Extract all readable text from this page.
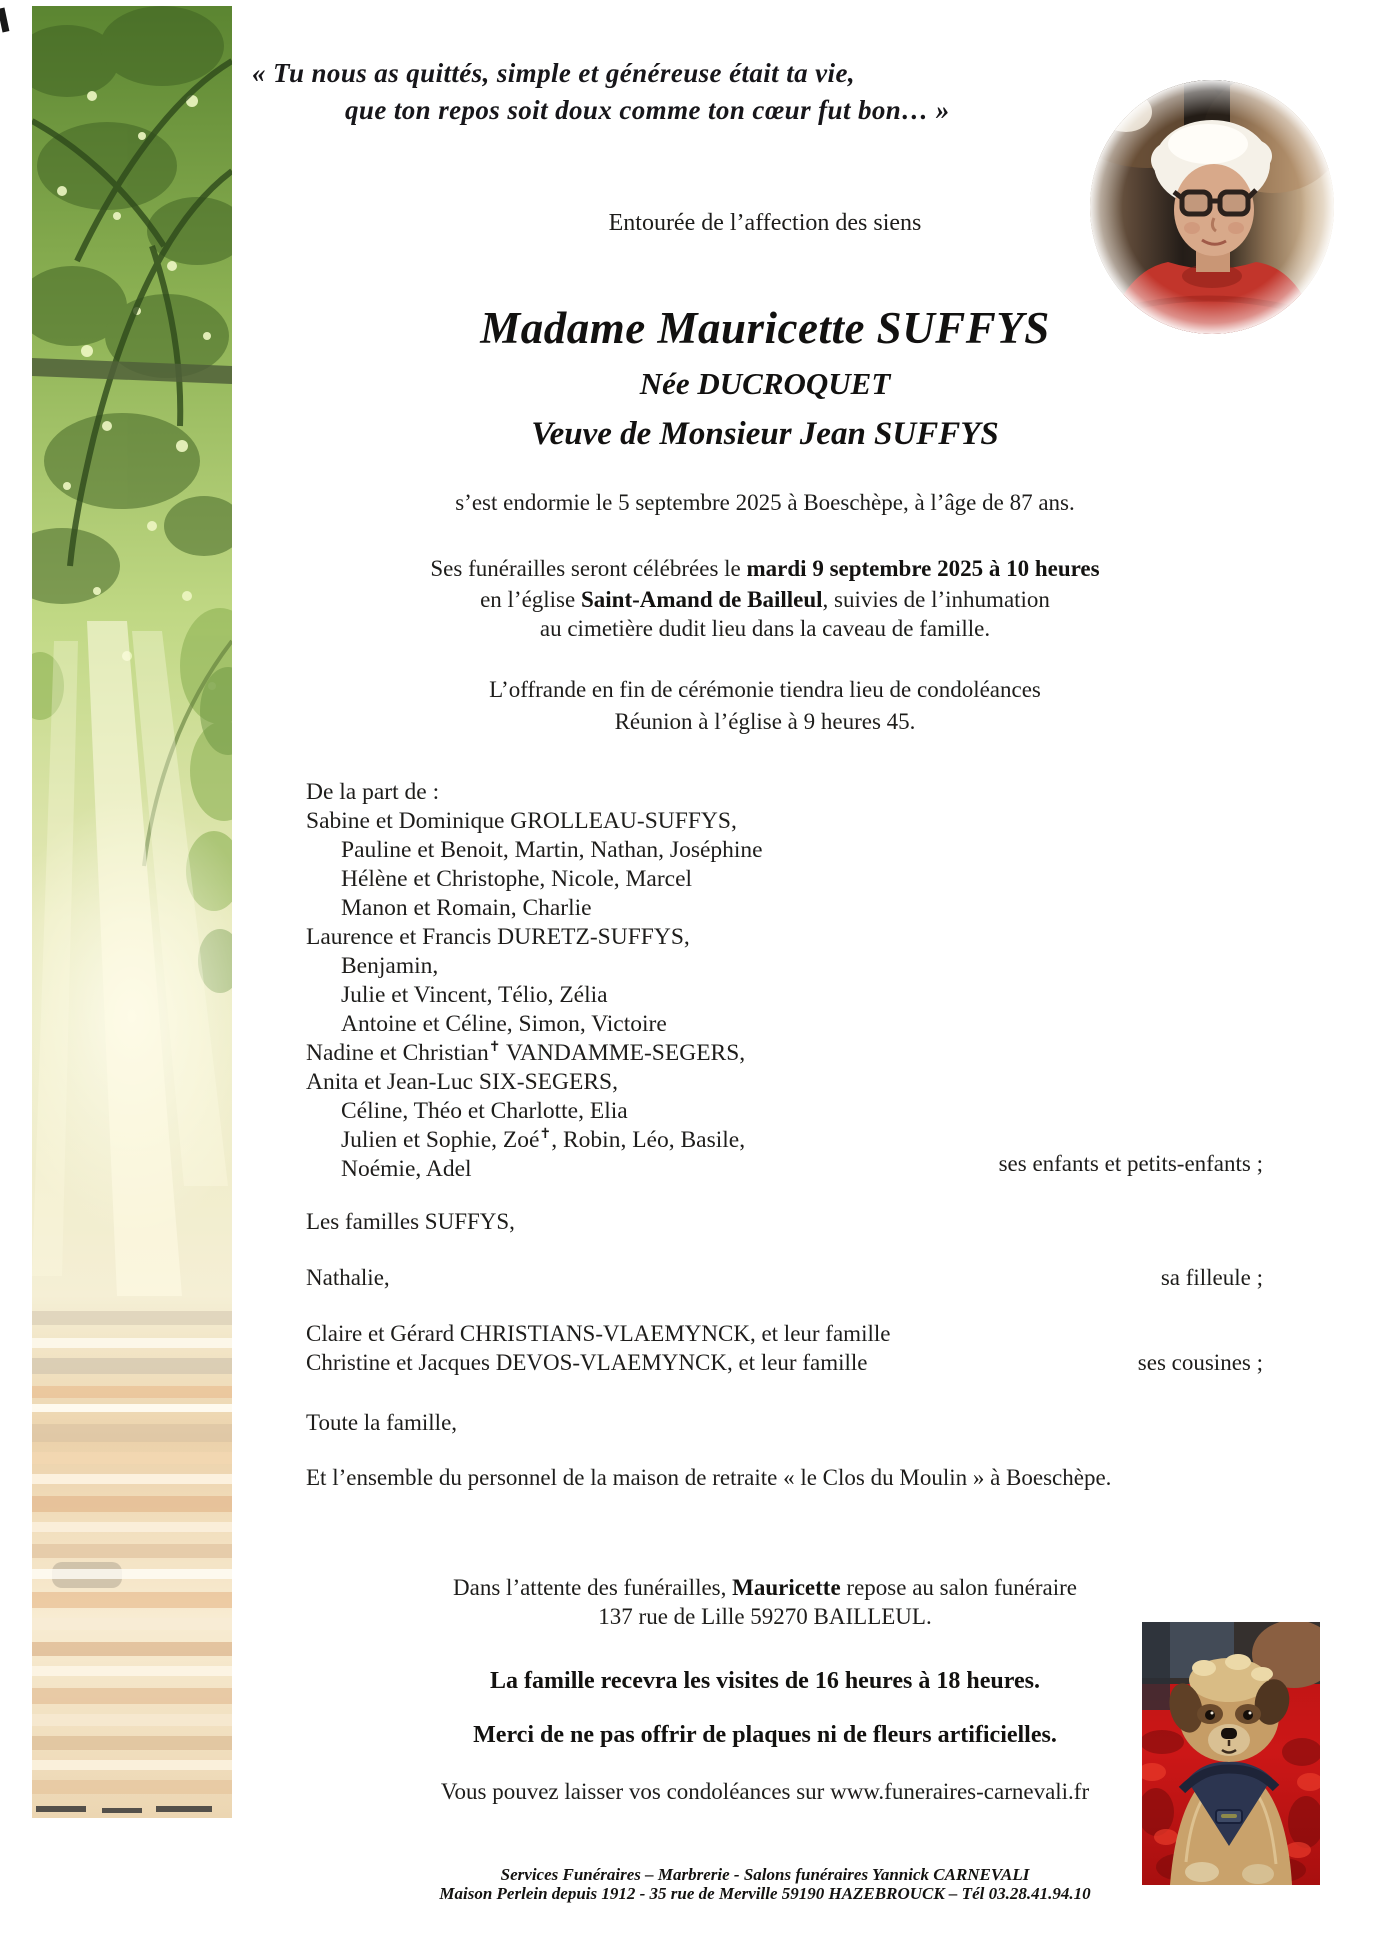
« Tu nous as quittés, simple et généreuse était ta vie,
que ton repos soit doux comme ton cœur fut bon… »
Entourée de l’affection des siens
Madame Mauricette SUFFYS
Née DUCROQUET
Veuve de Monsieur Jean SUFFYS
s’est endormie le 5 septembre 2025 à Boeschèpe, à l’âge de 87 ans.
Ses funérailles seront célébrées le mardi 9 septembre 2025 à 10 heures
en l’église Saint-Amand de Bailleul, suivies de l’inhumation
au cimetière dudit lieu dans la caveau de famille.
L’offrande en fin de cérémonie tiendra lieu de condoléances
Réunion à l’église à 9 heures 45.
De la part de :
Sabine et Dominique GROLLEAU-SUFFYS,
Pauline et Benoit, Martin, Nathan, Joséphine
Hélène et Christophe, Nicole, Marcel
Manon et Romain, Charlie
Laurence et Francis DURETZ-SUFFYS,
Benjamin,
Julie et Vincent, Télio, Zélia
Antoine et Céline, Simon, Victoire
Nadine et Christian✝ VANDAMME-SEGERS,
Anita et Jean-Luc SIX-SEGERS,
Céline, Théo et Charlotte, Elia
Julien et Sophie, Zoé✝, Robin, Léo, Basile,
Noémie, Adel	ses enfants et petits-enfants ;
Les familles SUFFYS,
Nathalie,	sa filleule ;
Claire et Gérard CHRISTIANS-VLAEMYNCK, et leur famille
Christine et Jacques DEVOS-VLAEMYNCK, et leur famille	ses cousines ;
Toute la famille,
Et l’ensemble du personnel de la maison de retraite « le Clos du Moulin » à Boeschèpe.
Dans l’attente des funérailles, Mauricette repose au salon funéraire
137 rue de Lille 59270 BAILLEUL.
La famille recevra les visites de 16 heures à 18 heures.
Merci de ne pas offrir de plaques ni de fleurs artificielles.
Vous pouvez laisser vos condoléances sur www.funeraires-carnevali.fr
Services Funéraires – Marbrerie - Salons funéraires Yannick CARNEVALI
Maison Perlein depuis 1912 - 35 rue de Merville 59190 HAZEBROUCK – Tél 03.28.41.94.10
